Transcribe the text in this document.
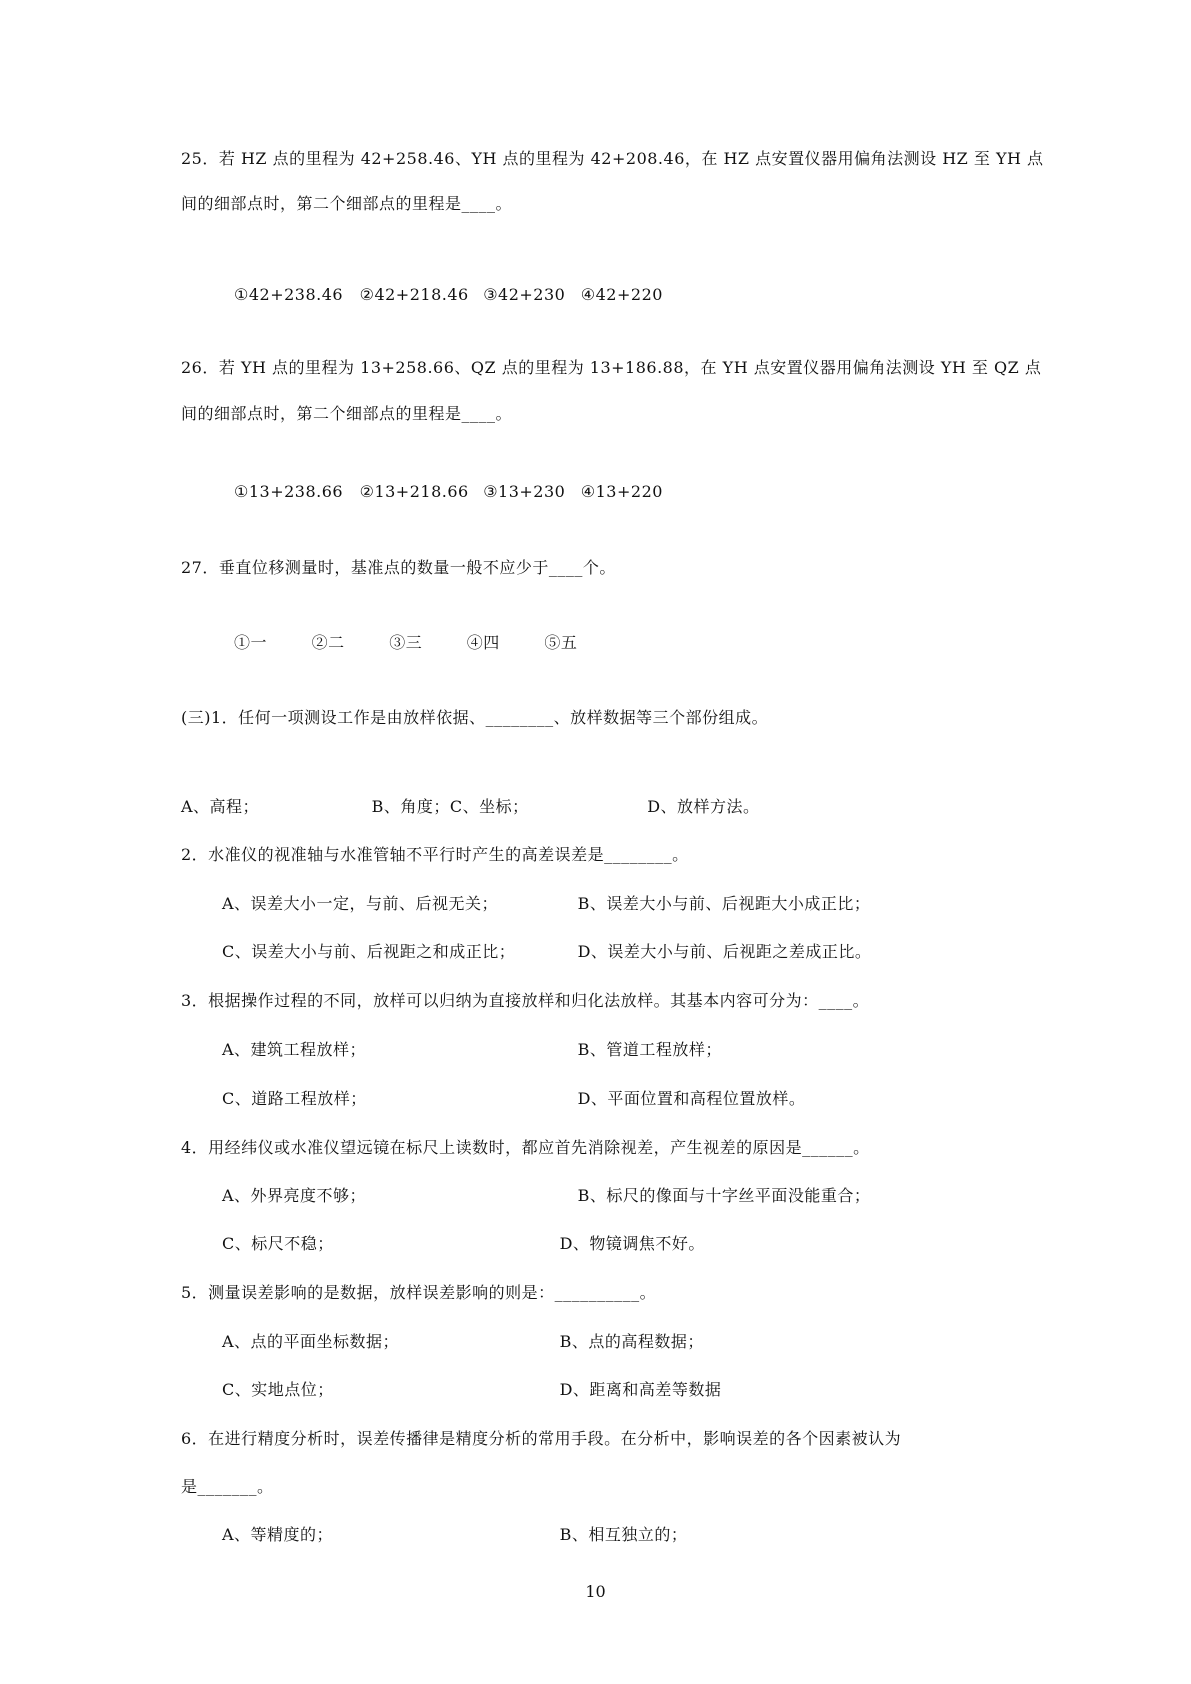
25．若 HZ 点的里程为 42+258.46、YH 点的里程为 42+208.46，在 HZ 点安置仪器用偏角法测设 HZ 至 YH 点
间的细部点时，第二个细部点的里程是____。
①42+238.46 ②42+218.46 ③42+230 ④42+220
26．若 YH 点的里程为 13+258.66、QZ 点的里程为 13+186.88，在 YH 点安置仪器用偏角法测设 YH 至 QZ 点
间的细部点时，第二个细部点的里程是____。
①13+238.66 ②13+218.66 ③13+230 ④13+220
27．垂直位移测量时，基准点的数量一般不应少于____个。
①一	②二	③三	④四	⑤五
(三)1．任何一项测设工作是由放样依据、________、放样数据等三个部份组成。
A、高程；	B、角度；C、坐标；	D、放样方法。
2．水准仪的视准轴与水准管轴不平行时产生的高差误差是________。
A、误差大小一定，与前、后视无关；	B、误差大小与前、后视距大小成正比；
C、误差大小与前、后视距之和成正比；	D、误差大小与前、后视距之差成正比。
3．根据操作过程的不同，放样可以归纳为直接放样和归化法放样。其基本内容可分为：____。
A、建筑工程放样；	B、管道工程放样；
C、道路工程放样；	D、平面位置和高程位置放样。
4．用经纬仪或水准仪望远镜在标尺上读数时，都应首先消除视差，产生视差的原因是______。
A、外界亮度不够；	B、标尺的像面与十字丝平面没能重合；
C、标尺不稳；	D、物镜调焦不好。
5．测量误差影响的是数据，放样误差影响的则是：__________。
A、点的平面坐标数据；	B、点的高程数据；
C、实地点位；	D、距离和高差等数据
6．在进行精度分析时，误差传播律是精度分析的常用手段。在分析中，影响误差的各个因素被认为
是_______。
A、等精度的；	B、相互独立的；
10
